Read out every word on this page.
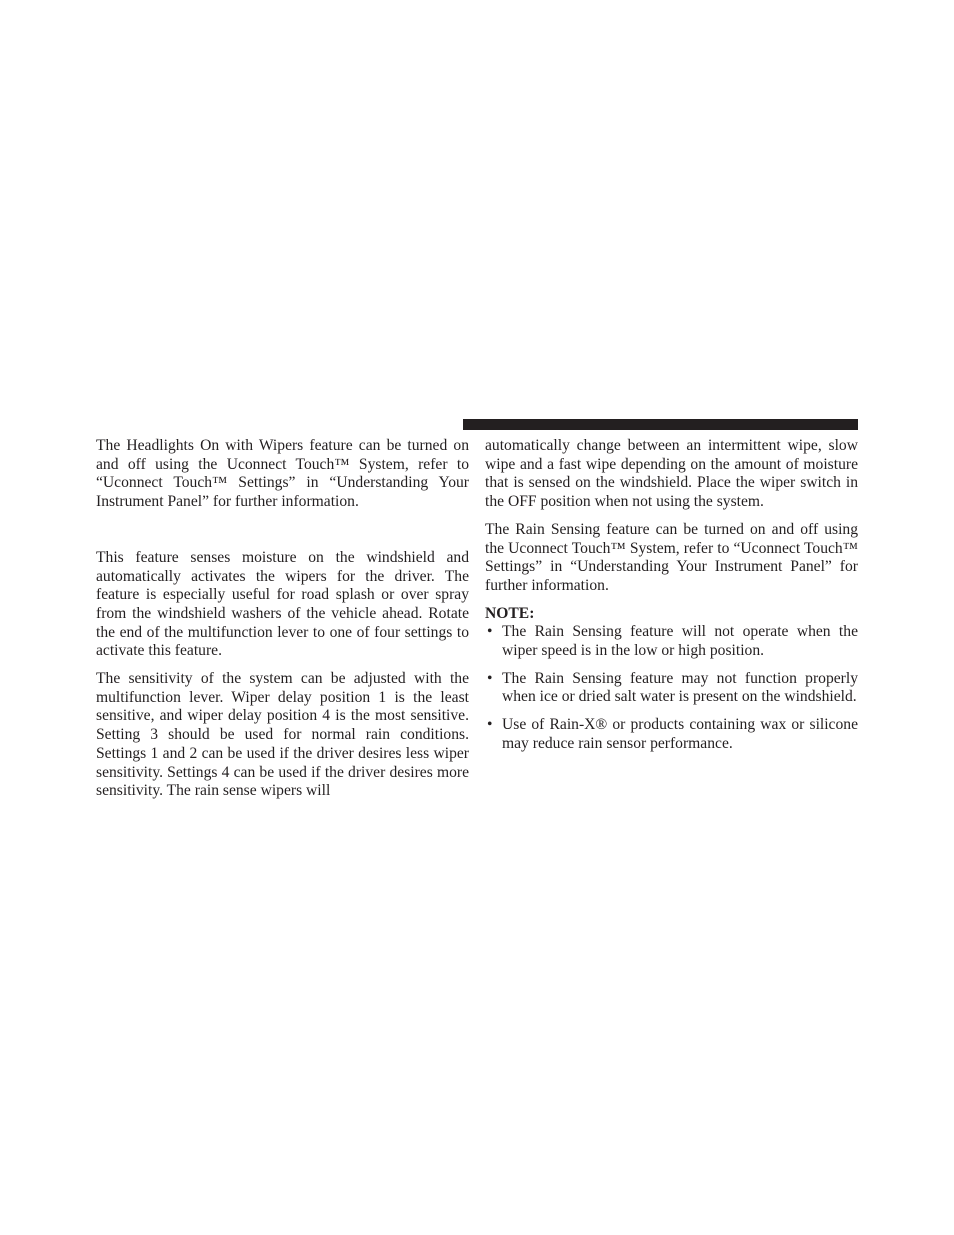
The Headlights On with Wipers feature can be turned on and off using the Uconnect Touch™ System, refer to “Uconnect Touch™ Settings” in “Understanding Your Instrument Panel” for further information.

This feature senses moisture on the windshield and automatically activates the wipers for the driver. The feature is especially useful for road splash or over spray from the windshield washers of the vehicle ahead. Rotate the end of the multifunction lever to one of four settings to activate this feature.

The sensitivity of the system can be adjusted with the multifunction lever. Wiper delay position 1 is the least sensitive, and wiper delay position 4 is the most sensitive. Setting 3 should be used for normal rain conditions. Settings 1 and 2 can be used if the driver desires less wiper sensitivity. Settings 4 can be used if the driver desires more sensitivity. The rain sense wipers will

automatically change between an intermittent wipe, slow wipe and a fast wipe depending on the amount of moisture that is sensed on the windshield. Place the wiper switch in the OFF position when not using the system.

The Rain Sensing feature can be turned on and off using the Uconnect Touch™ System, refer to “Uconnect Touch™ Settings” in “Understanding Your Instrument Panel” for further information.

NOTE:

• The Rain Sensing feature will not operate when the wiper speed is in the low or high position.
• The Rain Sensing feature may not function properly when ice or dried salt water is present on the windshield.
• Use of Rain-X® or products containing wax or silicone may reduce rain sensor performance.
